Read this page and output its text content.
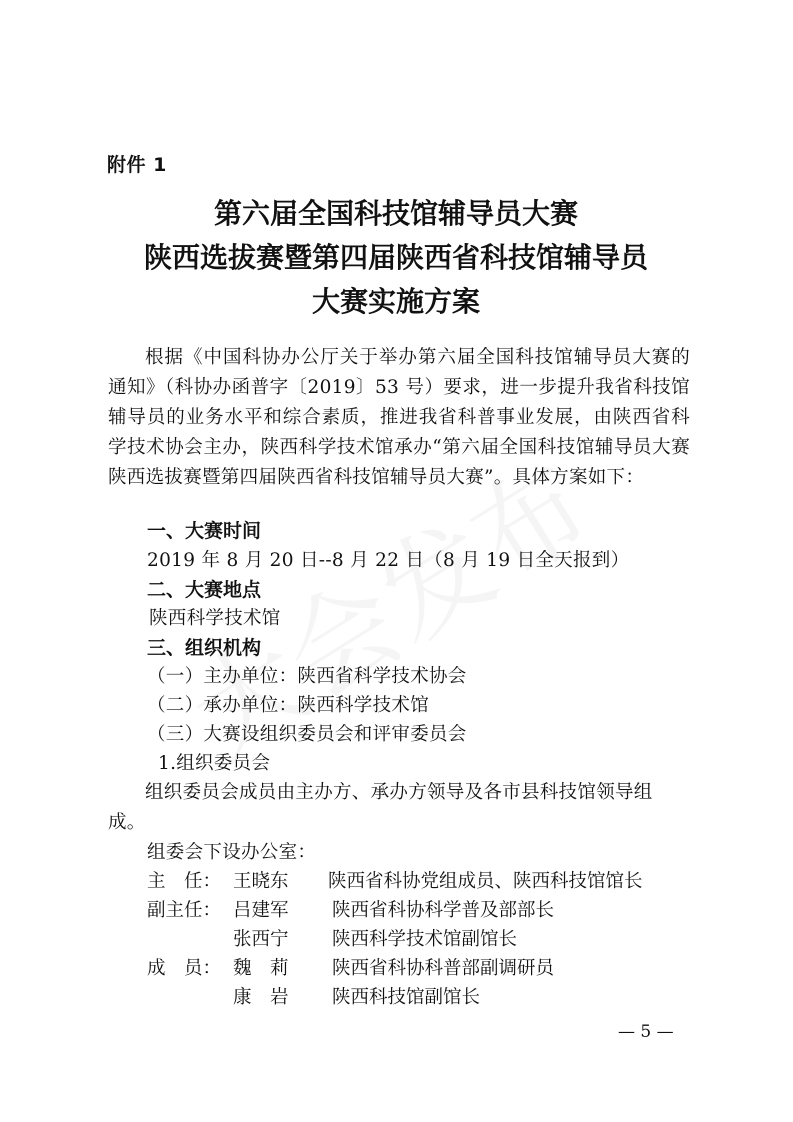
附件 1
第六届全国科技馆辅导员大赛
陕西选拔赛暨第四届陕西省科技馆辅导员
大赛实施方案
根据《中国科协办公厅关于举办第六届全国科技馆辅导员大赛的通知》（科协办函普字〔2019〕53 号）要求，进一步提升我省科技馆辅导员的业务水平和综合素质，推进我省科普事业发展，由陕西省科学技术协会主办，陕西科学技术馆承办“第六届全国科技馆辅导员大赛陕西选拔赛暨第四届陕西省科技馆辅导员大赛”。具体方案如下：
一、大赛时间
2019 年 8 月 20 日--8 月 22 日（8 月 19 日全天报到）
二、大赛地点
陕西科学技术馆
三、组织机构
（一）主办单位：陕西省科学技术协会
（二）承办单位：陕西科学技术馆
（三）大赛设组织委员会和评审委员会
1.组织委员会
组织委员会成员由主办方、承办方领导及各市县科技馆领导组成。
组委会下设办公室：
主　任： 王晓东 陕西省科协党组成员、陕西科技馆馆长
副主任： 吕建军 陕西省科协科学普及部部长
张西宁 陕西科学技术馆副馆长
成　员： 魏　莉 陕西省科协科普部副调研员
康　岩 陕西科技馆副馆长
— 5 —
